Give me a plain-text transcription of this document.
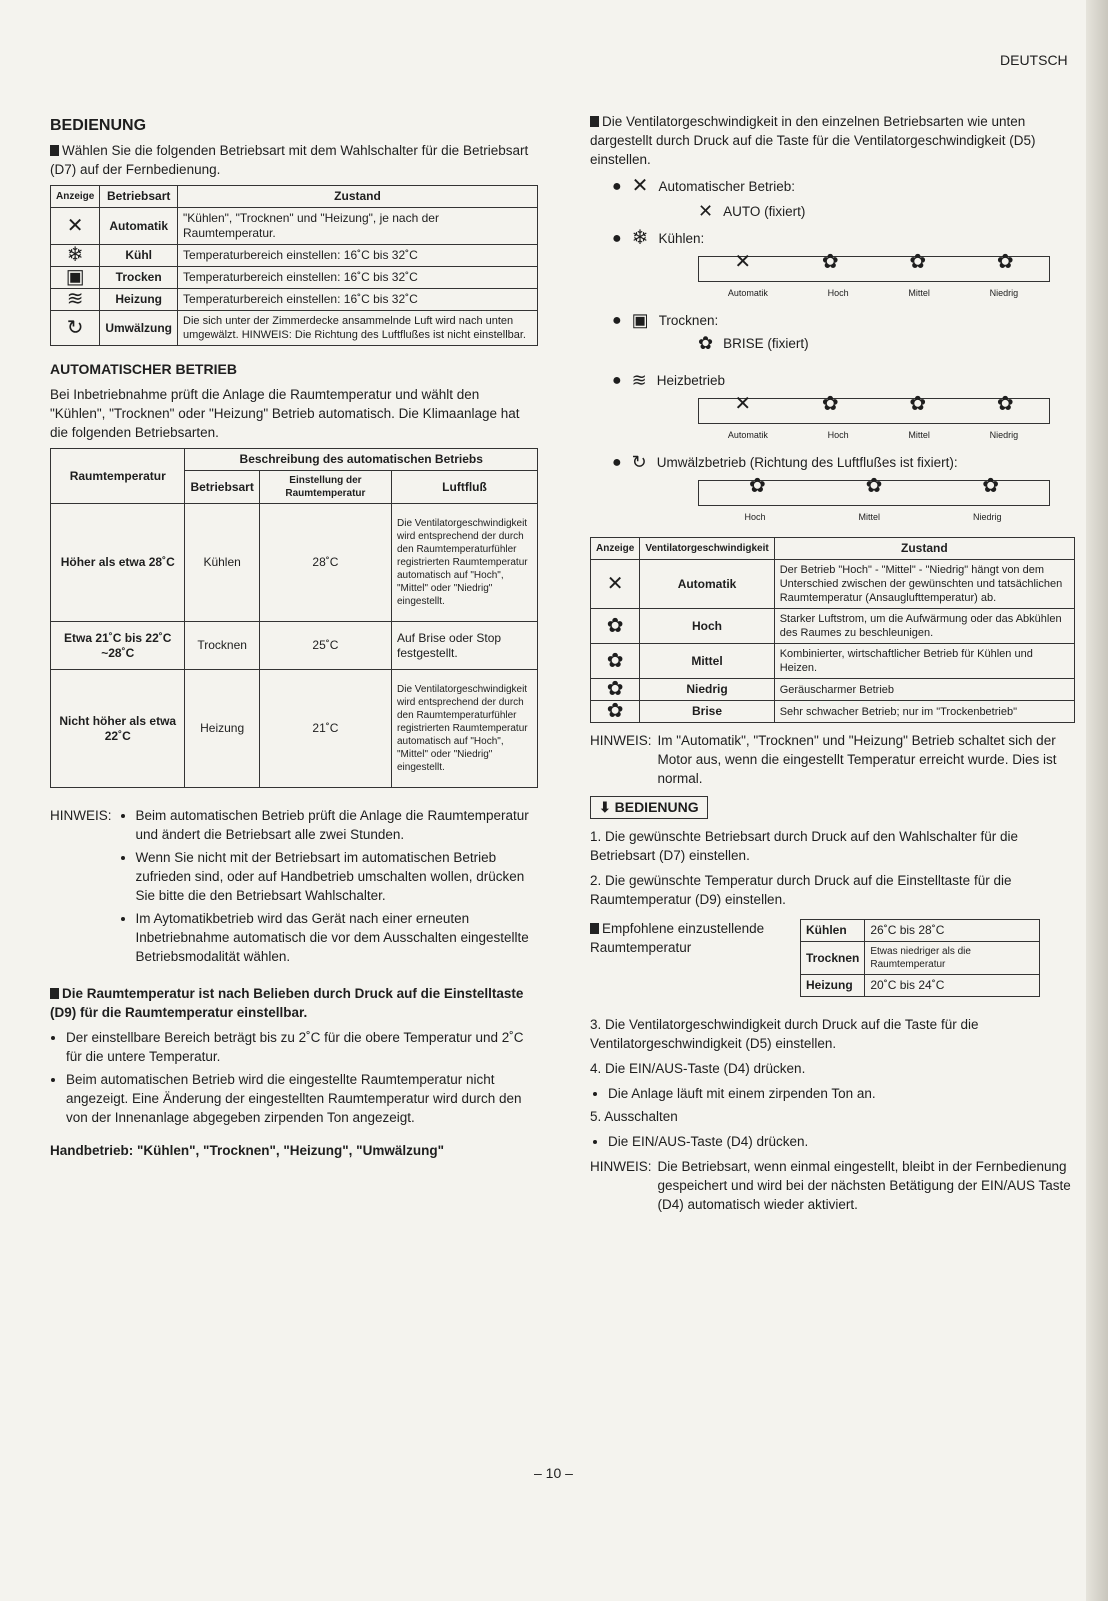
DEUTSCH
BEDIENUNG

Wählen Sie die folgenden Betriebsart mit dem Wahlschalter für die Betriebsart (D7) auf der Fernbedienung.

Anzeige	Betriebsart	Zustand
✕	Automatik	"Kühlen", "Trocknen" und "Heizung", je nach der Raumtemperatur.
❄	Kühl	Temperaturbereich einstellen: 16˚C bis 32˚C
▣	Trocken	Temperaturbereich einstellen: 16˚C bis 32˚C
≋	Heizung	Temperaturbereich einstellen: 16˚C bis 32˚C
↻	Umwälzung	Die sich unter der Zimmerdecke ansammelnde Luft wird nach unten umgewälzt. HINWEIS: Die Richtung des Luftflußes ist nicht einstellbar.
AUTOMATISCHER BETRIEB

Bei Inbetriebnahme prüft die Anlage die Raumtemperatur und wählt den "Kühlen", "Trocknen" oder "Heizung" Betrieb automatisch. Die Klimaanlage hat die folgenden Betriebsarten.

Raumtemperatur	Beschreibung des automatischen Betriebs		
	Betriebsart	Einstellung der Raumtemperatur	Luftfluß
Höher als etwa 28˚C	Kühlen	28˚C	Die Ventilatorgeschwindigkeit wird entsprechend der durch den Raumtemperaturfühler registrierten Raumtemperatur automatisch auf "Hoch", "Mittel" oder "Niedrig" eingestellt.
Etwa 21˚C bis 22˚C ~28˚C	Trocknen	25˚C	Auf Brise oder Stop festgestellt.
Nicht höher als etwa 22˚C	Heizung	21˚C	Die Ventilatorgeschwindigkeit wird entsprechend der durch den Raumtemperaturfühler registrierten Raumtemperatur automatisch auf "Hoch", "Mittel" oder "Niedrig" eingestellt.
HINWEIS: • Beim automatischen Betrieb prüft die Anlage die Raumtemperatur und ändert die Betriebsart alle zwei Stunden.
• Wenn Sie nicht mit der Betriebsart im automatischen Betrieb zufrieden sind, oder auf Handbetrieb umschalten wollen, drücken Sie bitte die den Betriebsart Wahlschalter.
• Im Aytomatikbetrieb wird das Gerät nach einer erneuten Inbetriebnahme automatisch die vor dem Ausschalten eingestellte Betriebsmodalität wählen.

Die Raumtemperatur ist nach Belieben durch Druck auf die Einstelltaste (D9) für die Raumtemperatur einstellbar.

• Der einstellbare Bereich beträgt bis zu 2˚C für die obere Temperatur und 2˚C für die untere Temperatur.
• Beim automatischen Betrieb wird die eingestellte Raumtemperatur nicht angezeigt. Eine Änderung der eingestellten Raumtemperatur wird durch den von der Innenanlage abgegeben zirpenden Ton angezeigt.

Handbetrieb: "Kühlen", "Trocknen", "Heizung", "Umwälzung"

Die Ventilatorgeschwindigkeit in den einzelnen Betriebsarten wie unten dargestellt durch Druck auf die Taste für die Ventilatorgeschwindigkeit (D5) einstellen.

● ✕ Automatischer Betrieb:
✕ AUTO (fixiert)
● ❄ Kühlen:
✕	✿	✿	✿
Automatik	Hoch	Mittel	Niedrig
● ▣ Trocknen:
✿ BRISE (fixiert)
● ≋ Heizbetrieb
✕	✿	✿	✿
Automatik	Hoch	Mittel	Niedrig
● ↻ Umwälzbetrieb (Richtung des Luftflußes ist fixiert):
✿	✿	✿
Hoch	Mittel	Niedrig
Anzeige	Ventilatorgeschwindigkeit	Zustand
✕	Automatik	Der Betrieb "Hoch" - "Mittel" - "Niedrig" hängt von dem Unterschied zwischen der gewünschten und tatsächlichen Raumtemperatur (Ansauglufttemperatur) ab.
✿	Hoch	Starker Luftstrom, um die Aufwärmung oder das Abkühlen des Raumes zu beschleunigen.
✿	Mittel	Kombinierter, wirtschaftlicher Betrieb für Kühlen und Heizen.
✿	Niedrig	Geräuscharmer Betrieb
✿	Brise	Sehr schwacher Betrieb; nur im "Trockenbetrieb"
HINWEIS: Im "Automatik", "Trocknen" und "Heizung" Betrieb schaltet sich der Motor aus, wenn die eingestellt Temperatur erreicht wurde. Dies ist normal.
⬇ BEDIENUNG

1. Die gewünschte Betriebsart durch Druck auf den Wahlschalter für die Betriebsart (D7) einstellen.

2. Die gewünschte Temperatur durch Druck auf die Einstelltaste für die Raumtemperatur (D9) einstellen.

Empfohlene einzustellende Raumtemperatur
Kühlen	26˚C bis 28˚C
Trocknen	Etwas niedriger als die Raumtemperatur
Heizung	20˚C bis 24˚C

3. Die Ventilatorgeschwindigkeit durch Druck auf die Taste für die Ventilatorgeschwindigkeit (D5) einstellen.

4. Die EIN/AUS-Taste (D4) drücken.

• Die Anlage läuft mit einem zirpenden Ton an.

5. Ausschalten

• Die EIN/AUS-Taste (D4) drücken.
HINWEIS: Die Betriebsart, wenn einmal eingestellt, bleibt in der Fernbedienung gespeichert und wird bei der nächsten Betätigung der EIN/AUS Taste (D4) automatisch wieder aktiviert.
– 10 –
